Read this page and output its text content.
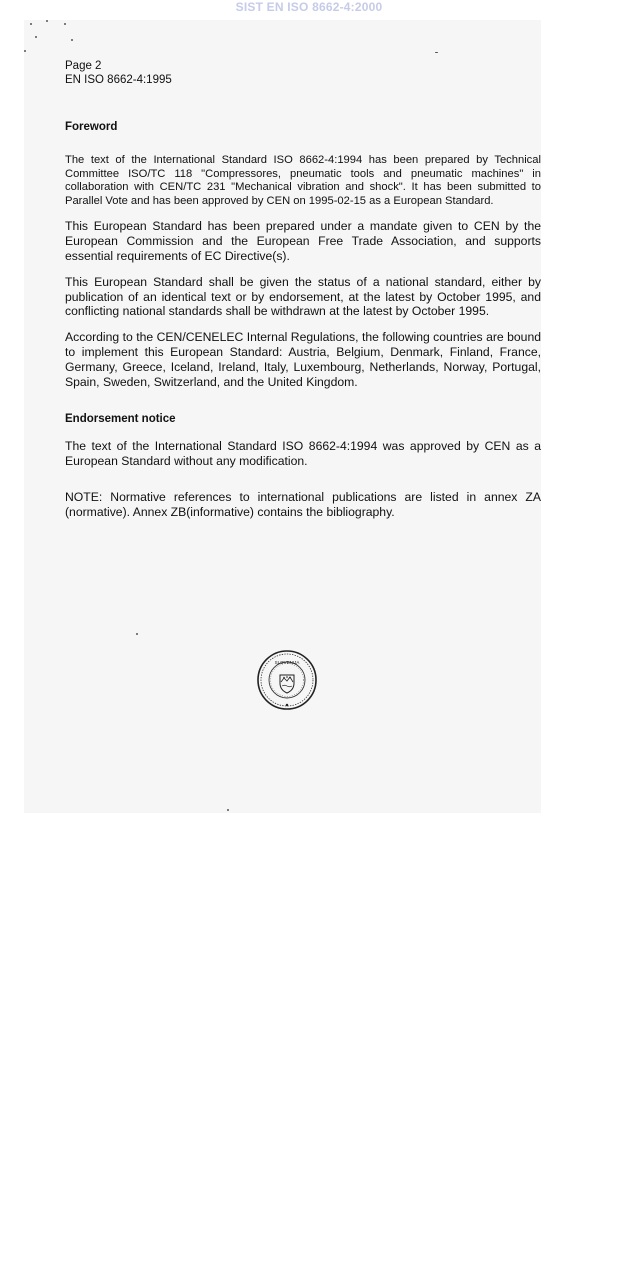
SIST EN ISO 8662-4:2000

Page 2

EN ISO 8662-4:1995

Foreword

The text of the International Standard ISO 8662-4:1994 has been prepared by Technical Committee ISO/TC 118 "Compressores, pneumatic tools and pneumatic machines" in collaboration with CEN/TC 231 "Mechanical vibration and shock". It has been submitted to Parallel Vote and has been approved by CEN on 1995-02-15 as a European Standard.

This European Standard has been prepared under a mandate given to CEN by the European Commission and the European Free Trade Association, and supports essential requirements of EC Directive(s).

This European Standard shall be given the status of a national standard, either by publication of an identical text or by endorsement, at the latest by October 1995, and conflicting national standards shall be withdrawn at the latest by October 1995.

According to the CEN/CENELEC Internal Regulations, the following countries are bound to implement this European Standard: Austria, Belgium, Denmark, Finland, France, Germany, Greece, Iceland, Ireland, Italy, Luxembourg, Netherlands, Norway, Portugal, Spain, Sweden, Switzerland, and the United Kingdom.

Endorsement notice

The text of the International Standard ISO 8662-4:1994 was approved by CEN as a European Standard without any modification.

NOTE: Normative references to international publications are listed in annex ZA (normative). Annex ZB(informative) contains the bibliography.

SLOVENIJA
